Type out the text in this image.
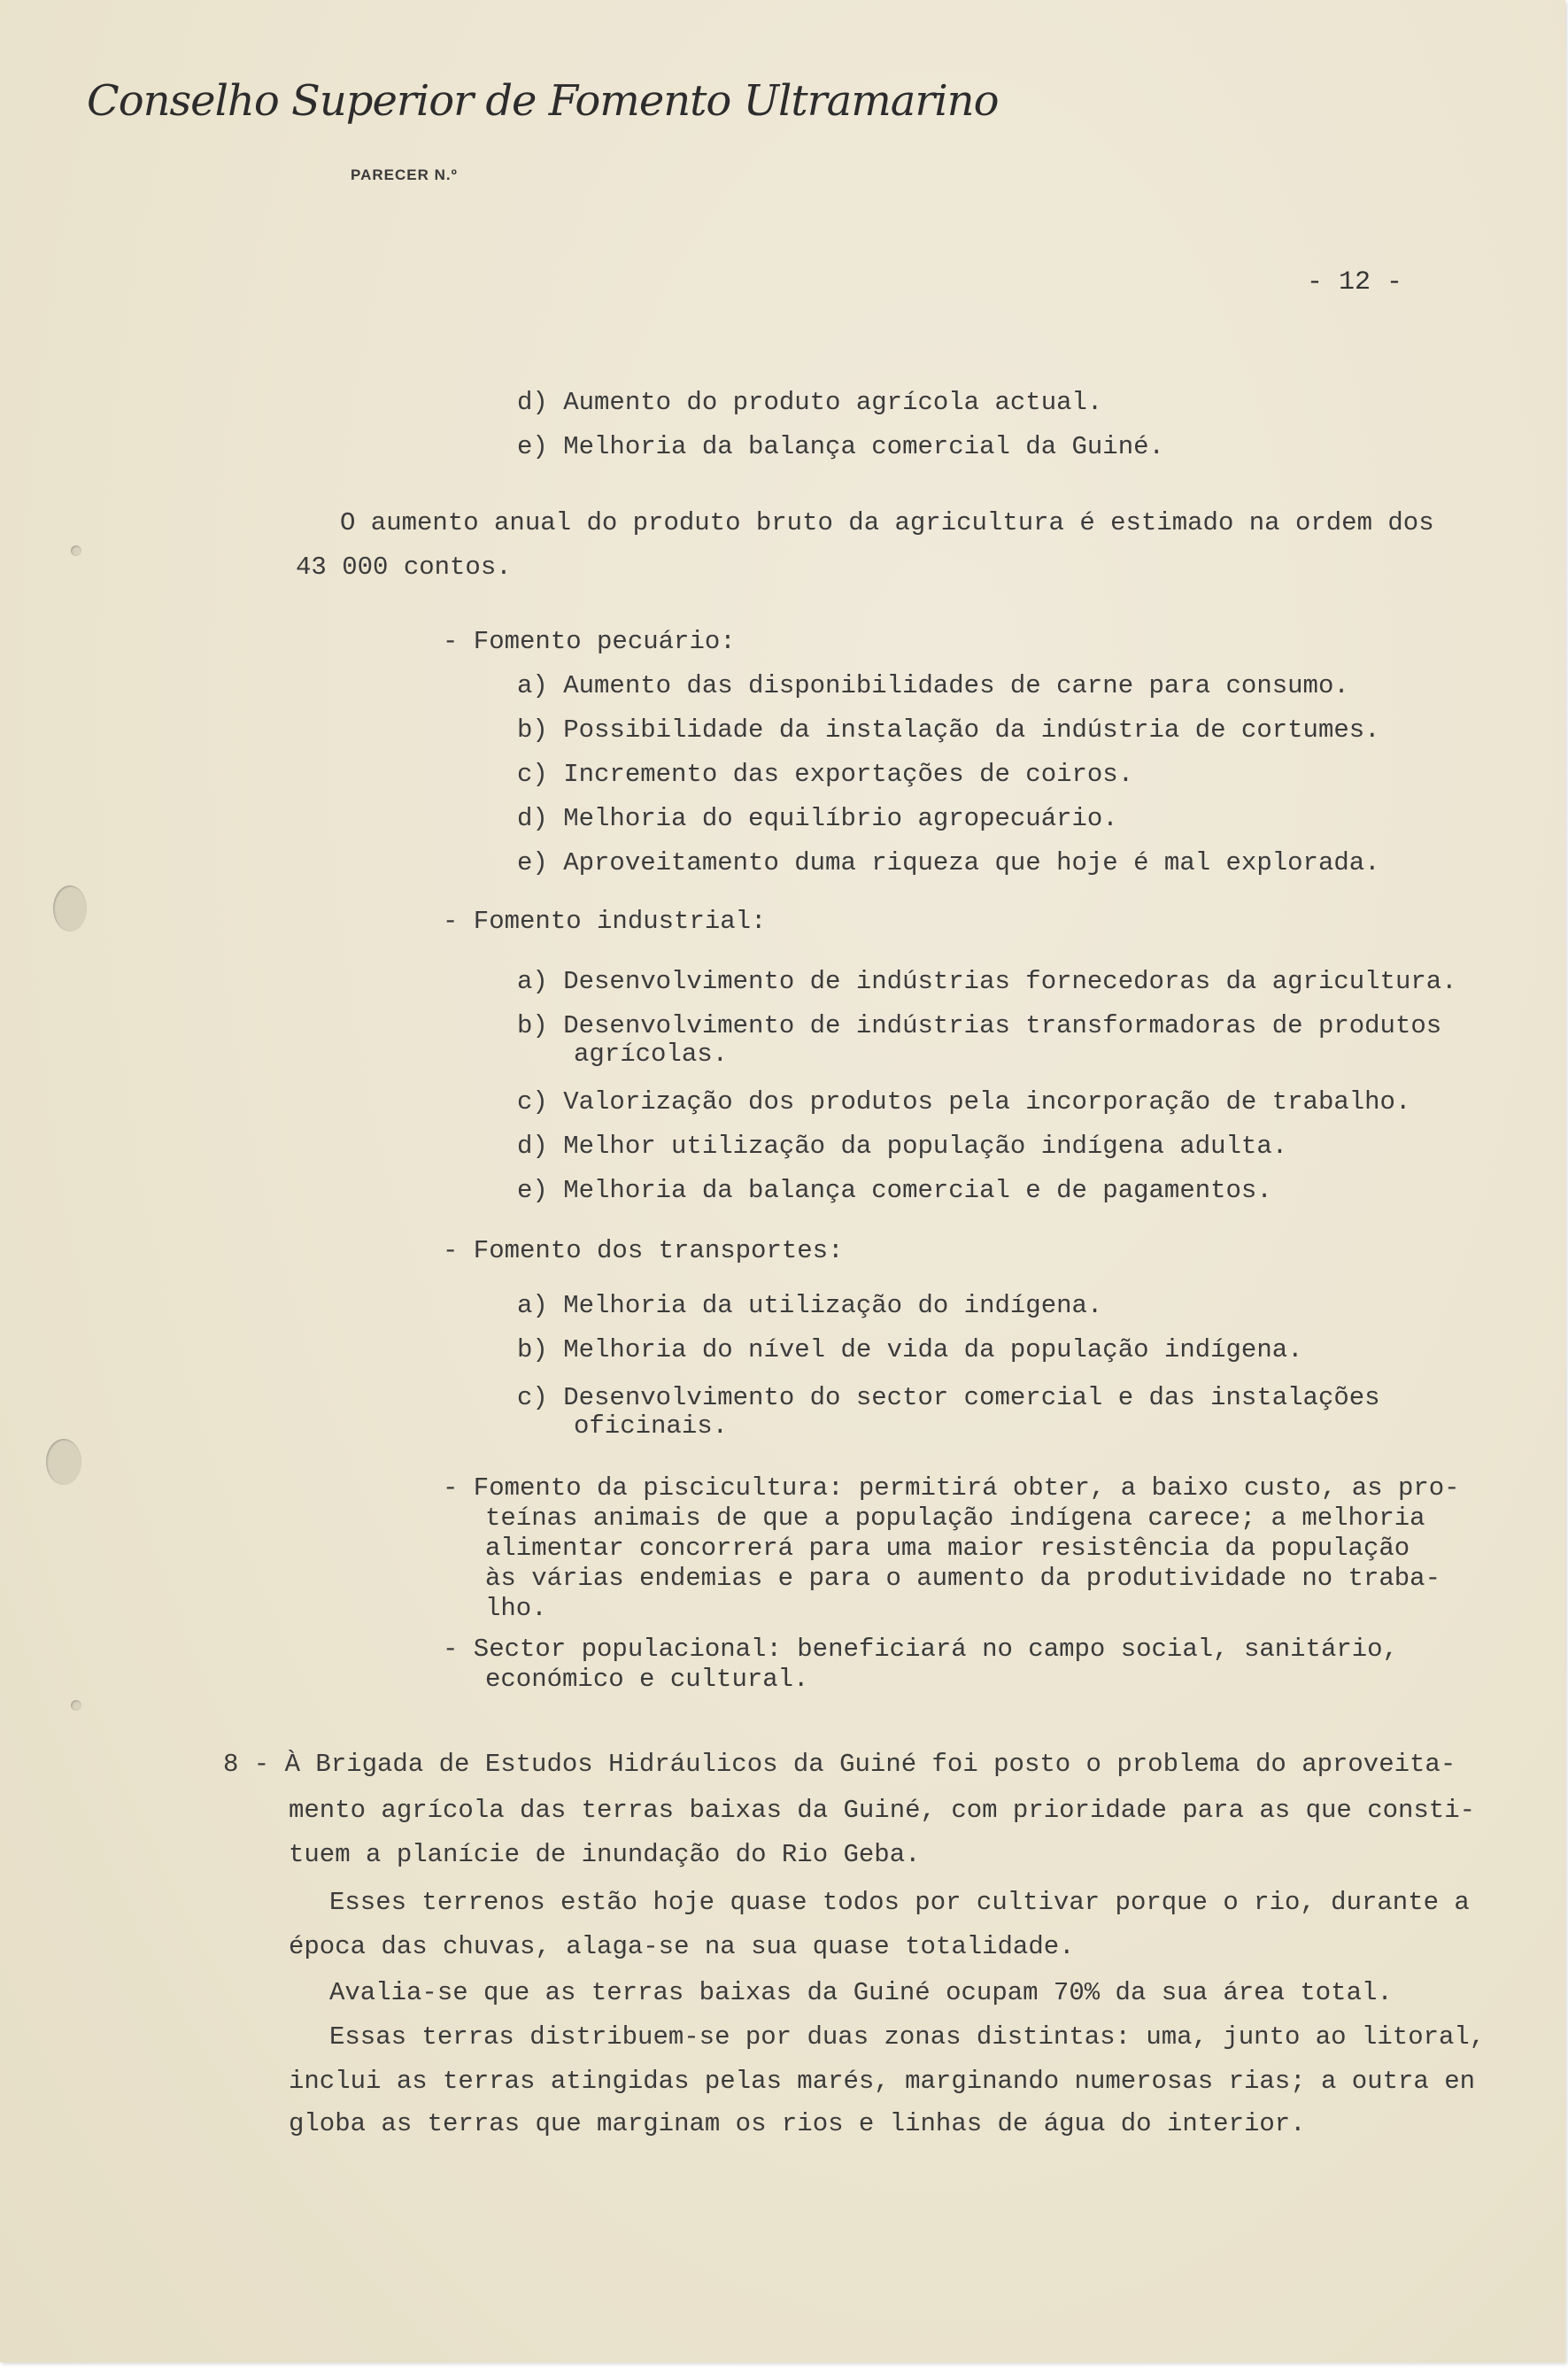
Conselho Superior de Fomento Ultramarino
PARECER N.º
- 12 -
d) Aumento do produto agrícola actual.
e) Melhoria da balança comercial da Guiné.
O aumento anual do produto bruto da agricultura é estimado na ordem dos
43 000 contos.
- Fomento pecuário:
a) Aumento das disponibilidades de carne para consumo.
b) Possibilidade da instalação da indústria de cortumes.
c) Incremento das exportações de coiros.
d) Melhoria do equilíbrio agropecuário.
e) Aproveitamento duma riqueza que hoje é mal explorada.
- Fomento industrial:
a) Desenvolvimento de indústrias fornecedoras da agricultura.
b) Desenvolvimento de indústrias transformadoras de produtos
agrícolas.
c) Valorização dos produtos pela incorporação de trabalho.
d) Melhor utilização da população indígena adulta.
e) Melhoria da balança comercial e de pagamentos.
- Fomento dos transportes:
a) Melhoria da utilização do indígena.
b) Melhoria do nível de vida da população indígena.
c) Desenvolvimento do sector comercial e das instalações
oficinais.
- Fomento da piscicultura: permitirá obter, a baixo custo, as pro-
teínas animais de que a população indígena carece; a melhoria
alimentar concorrerá para uma maior resistência da população
às várias endemias e para o aumento da produtividade no traba-
lho.
- Sector populacional: beneficiará no campo social, sanitário,
económico e cultural.
8 - À Brigada de Estudos Hidráulicos da Guiné foi posto o problema do aproveita-
mento agrícola das terras baixas da Guiné, com prioridade para as que consti-
tuem a planície de inundação do Rio Geba.
Esses terrenos estão hoje quase todos por cultivar porque o rio, durante a
época das chuvas, alaga-se na sua quase totalidade.
Avalia-se que as terras baixas da Guiné ocupam 70% da sua área total.
Essas terras distribuem-se por duas zonas distintas: uma, junto ao litoral,
inclui as terras atingidas pelas marés, marginando numerosas rias; a outra en
globa as terras que marginam os rios e linhas de água do interior.
